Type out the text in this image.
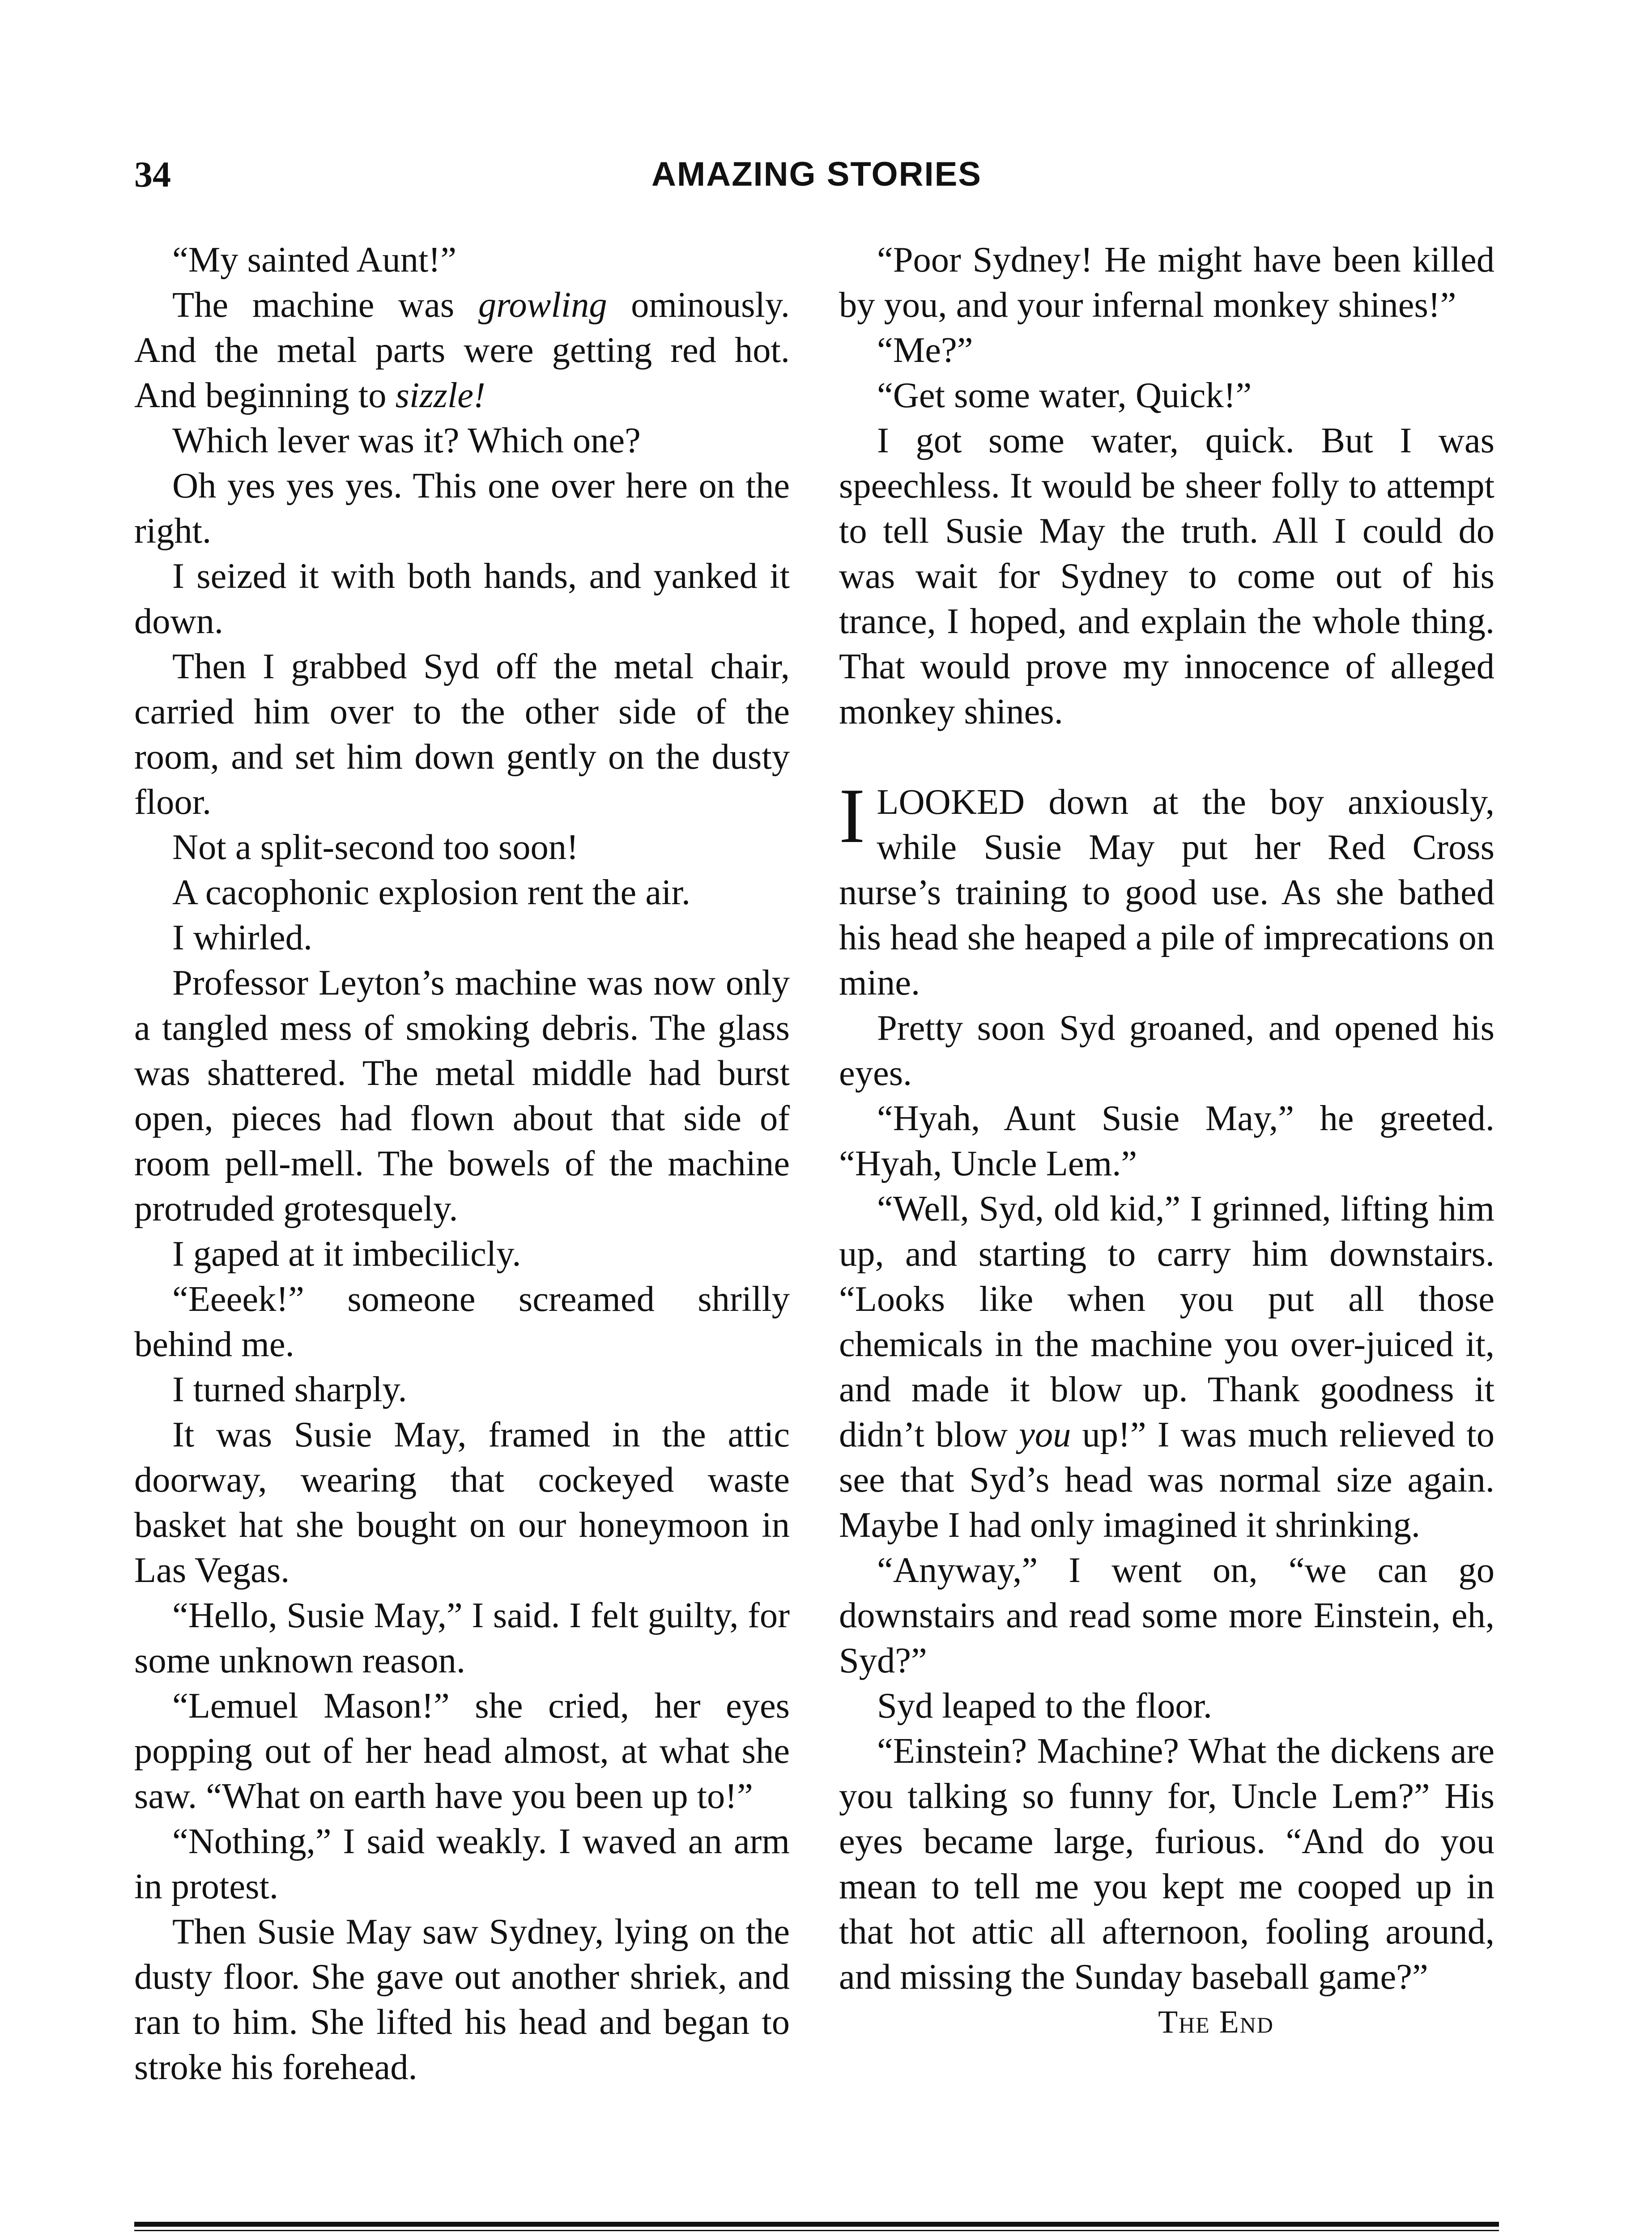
34	AMAZING STORIES

“My sainted Aunt!”

The machine was growling ominously. And the metal parts were getting red hot. And beginning to sizzle!

Which lever was it? Which one?

Oh yes yes yes. This one over here on the right.

I seized it with both hands, and yanked it down.

Then I grabbed Syd off the metal chair, carried him over to the other side of the room, and set him down gently on the dusty floor.

Not a split-second too soon!

A cacophonic explosion rent the air.

I whirled.

Professor Leyton’s machine was now only a tangled mess of smoking debris. The glass was shattered. The metal middle had burst open, pieces had flown about that side of room pell-mell. The bowels of the machine protruded grotesquely.

I gaped at it imbecilicly.

“Eeeek!” someone screamed shrilly behind me.

I turned sharply.

It was Susie May, framed in the attic doorway, wearing that cockeyed waste basket hat she bought on our honeymoon in Las Vegas.

“Hello, Susie May,” I said. I felt guilty, for some unknown reason.

“Lemuel Mason!” she cried, her eyes popping out of her head almost, at what she saw. “What on earth have you been up to!”

“Nothing,” I said weakly. I waved an arm in protest.

Then Susie May saw Sydney, lying on the dusty floor. She gave out another shriek, and ran to him. She lifted his head and began to stroke his forehead.

“Poor Sydney! He might have been killed by you, and your infernal monkey shines!”

“Me?”

“Get some water, Quick!”

I got some water, quick. But I was speechless. It would be sheer folly to attempt to tell Susie May the truth. All I could do was wait for Sydney to come out of his trance, I hoped, and explain the whole thing. That would prove my innocence of alleged monkey shines.

ILOOKED down at the boy anxiously, while Susie May put her Red Cross nurse’s training to good use. As she bathed his head she heaped a pile of imprecations on mine.

Pretty soon Syd groaned, and opened his eyes.

“Hyah, Aunt Susie May,” he greeted. “Hyah, Uncle Lem.”

“Well, Syd, old kid,” I grinned, lifting him up, and starting to carry him downstairs. “Looks like when you put all those chemicals in the machine you over-juiced it, and made it blow up. Thank goodness it didn’t blow you up!” I was much relieved to see that Syd’s head was normal size again. Maybe I had only imagined it shrinking.

“Anyway,” I went on, “we can go downstairs and read some more Einstein, eh, Syd?”

Syd leaped to the floor.

“Einstein? Machine? What the dickens are you talking so funny for, Uncle Lem?” His eyes became large, furious. “And do you mean to tell me you kept me cooped up in that hot attic all afternoon, fooling around, and missing the Sunday baseball game?”

The End
